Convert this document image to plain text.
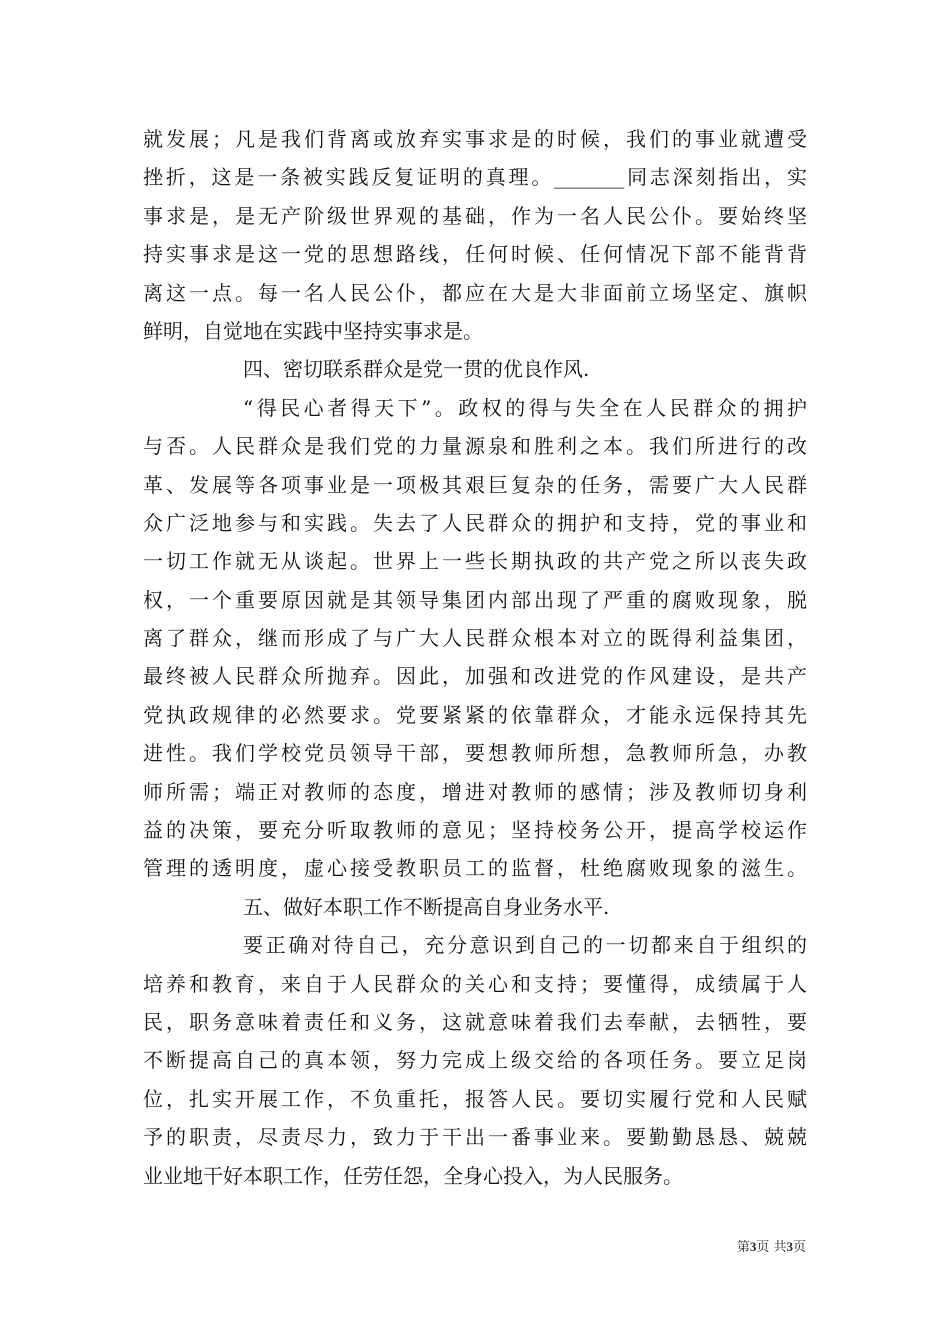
就发展；凡是我们背离或放弃实事求是的时候，我们的事业就遭受
挫折，这是一条被实践反复证明的真理。_______同志深刻指出，实
事求是，是无产阶级世界观的基础，作为一名人民公仆。要始终坚
持实事求是这一党的思想路线，任何时候、任何情况下部不能背背
离这一点。每一名人民公仆，都应在大是大非面前立场坚定、旗帜
鲜明，自觉地在实践中坚持实事求是。
四、密切联系群众是党一贯的优良作风.
“得民心者得天下”。政权的得与失全在人民群众的拥护
与否。人民群众是我们党的力量源泉和胜利之本。我们所进行的改
革、发展等各项事业是一项极其艰巨复杂的任务，需要广大人民群
众广泛地参与和实践。失去了人民群众的拥护和支持，党的事业和
一切工作就无从谈起。世界上一些长期执政的共产党之所以丧失政
权，一个重要原因就是其领导集团内部出现了严重的腐败现象，脱
离了群众，继而形成了与广大人民群众根本对立的既得利益集团，
最终被人民群众所抛弃。因此，加强和改进党的作风建设，是共产
党执政规律的必然要求。党要紧紧的依靠群众，才能永远保持其先
进性。我们学校党员领导干部，要想教师所想，急教师所急，办教
师所需；端正对教师的态度，增进对教师的感情；涉及教师切身利
益的决策，要充分听取教师的意见；坚持校务公开，提高学校运作
管理的透明度，虚心接受教职员工的监督，杜绝腐败现象的滋生。
五、做好本职工作不断提高自身业务水平.
要正确对待自己，充分意识到自己的一切都来自于组织的
培养和教育，来自于人民群众的关心和支持；要懂得，成绩属于人
民，职务意味着责任和义务，这就意味着我们去奉献，去牺牲，要
不断提高自己的真本领，努力完成上级交给的各项任务。要立足岗
位，扎实开展工作，不负重托，报答人民。要切实履行党和人民赋
予的职责，尽责尽力，致力于干出一番事业来。要勤勤恳恳、兢兢
业业地干好本职工作，任劳任怨，全身心投入，为人民服务。
第3页 共3页
